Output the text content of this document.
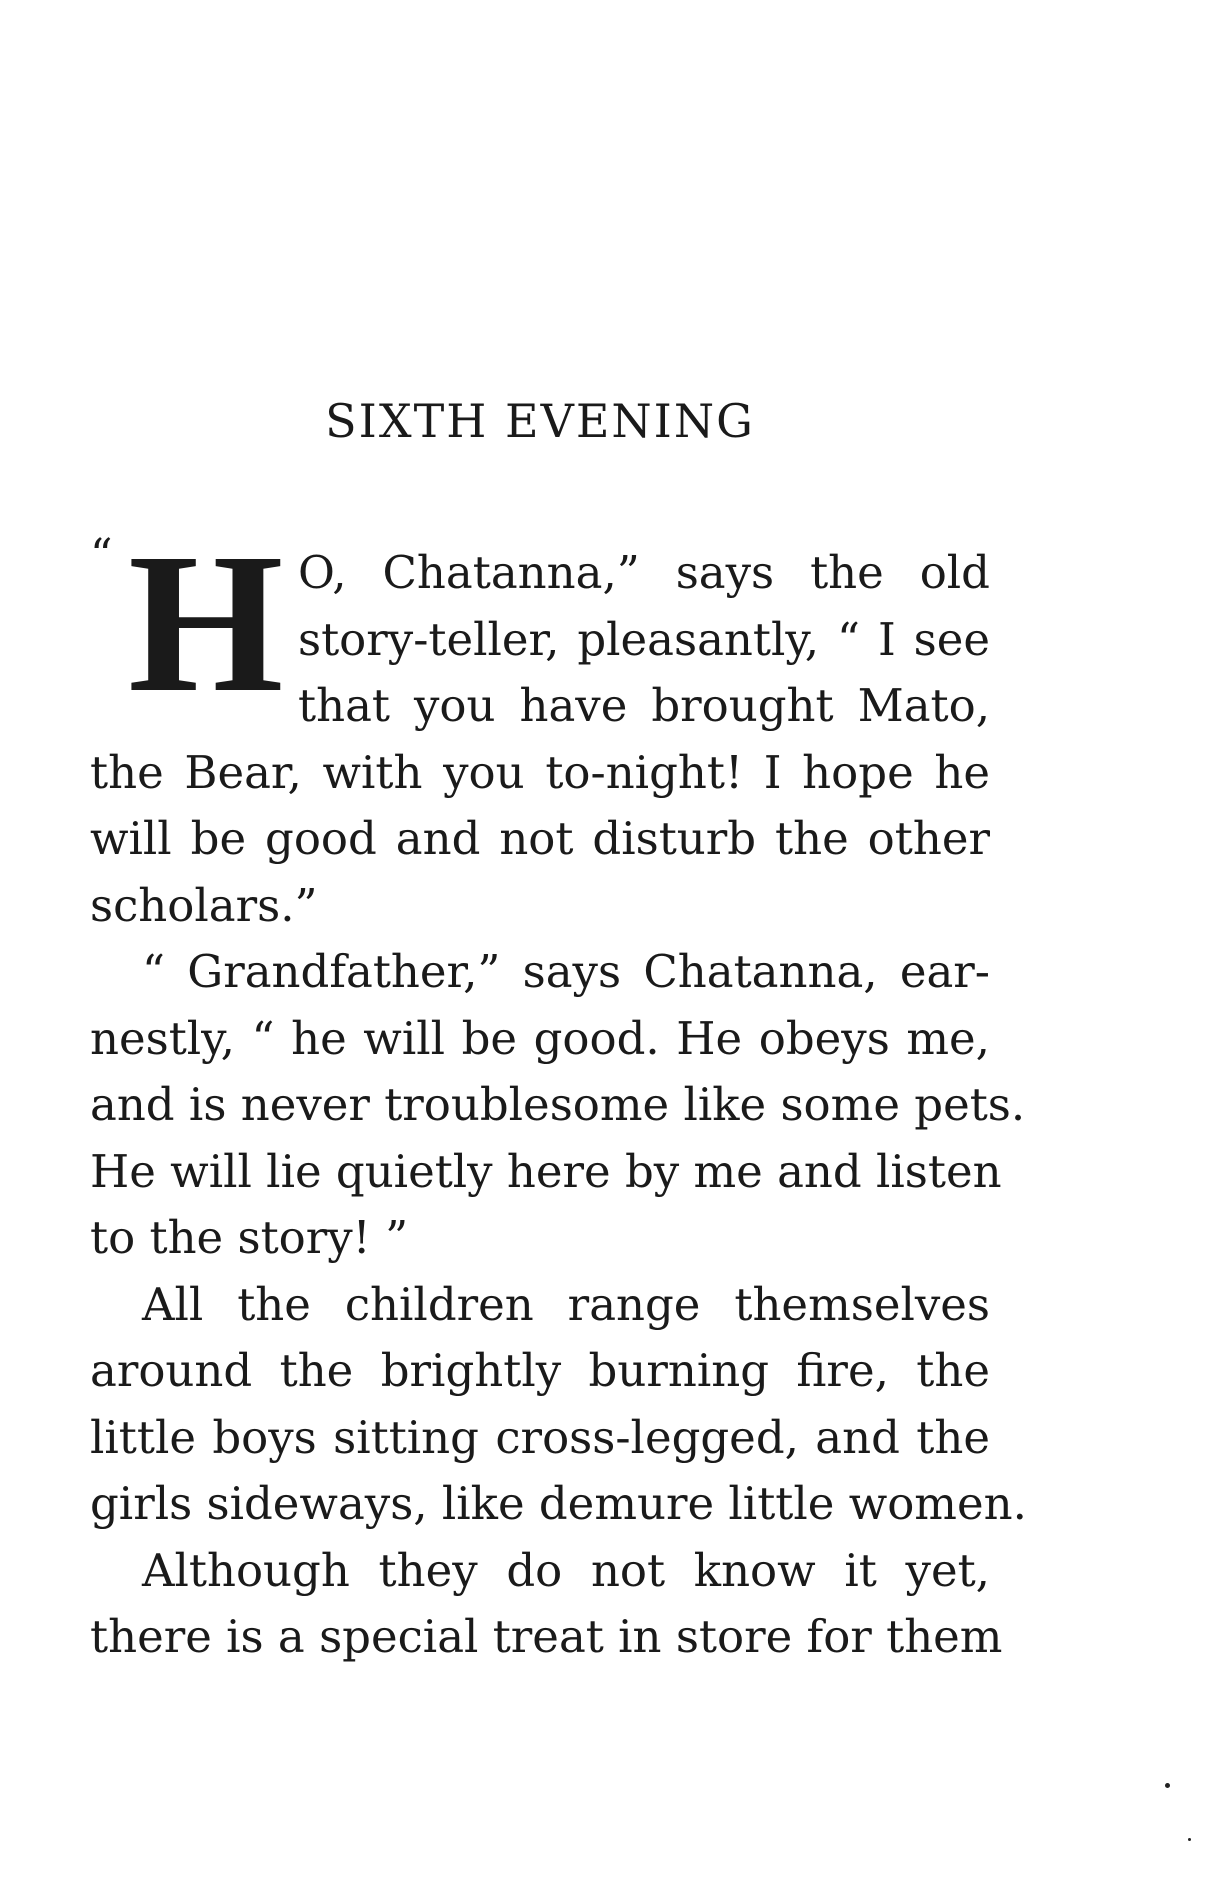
SIXTH EVENING
“ H O, Chatanna,” says the old
story-teller, pleasantly, “ I see
that you have brought Mato,
the Bear, with you to-night! I hope he
will be good and not disturb the other
scholars.”
“ Grandfather,” says Chatanna, ear-
nestly, “ he will be good. He obeys me,
and is never troublesome like some pets.
He will lie quietly here by me and listen
to the story! ”
All the children range themselves
around the brightly burning fire, the
little boys sitting cross-legged, and the
girls sideways, like demure little women.
Although they do not know it yet,
there is a special treat in store for them
